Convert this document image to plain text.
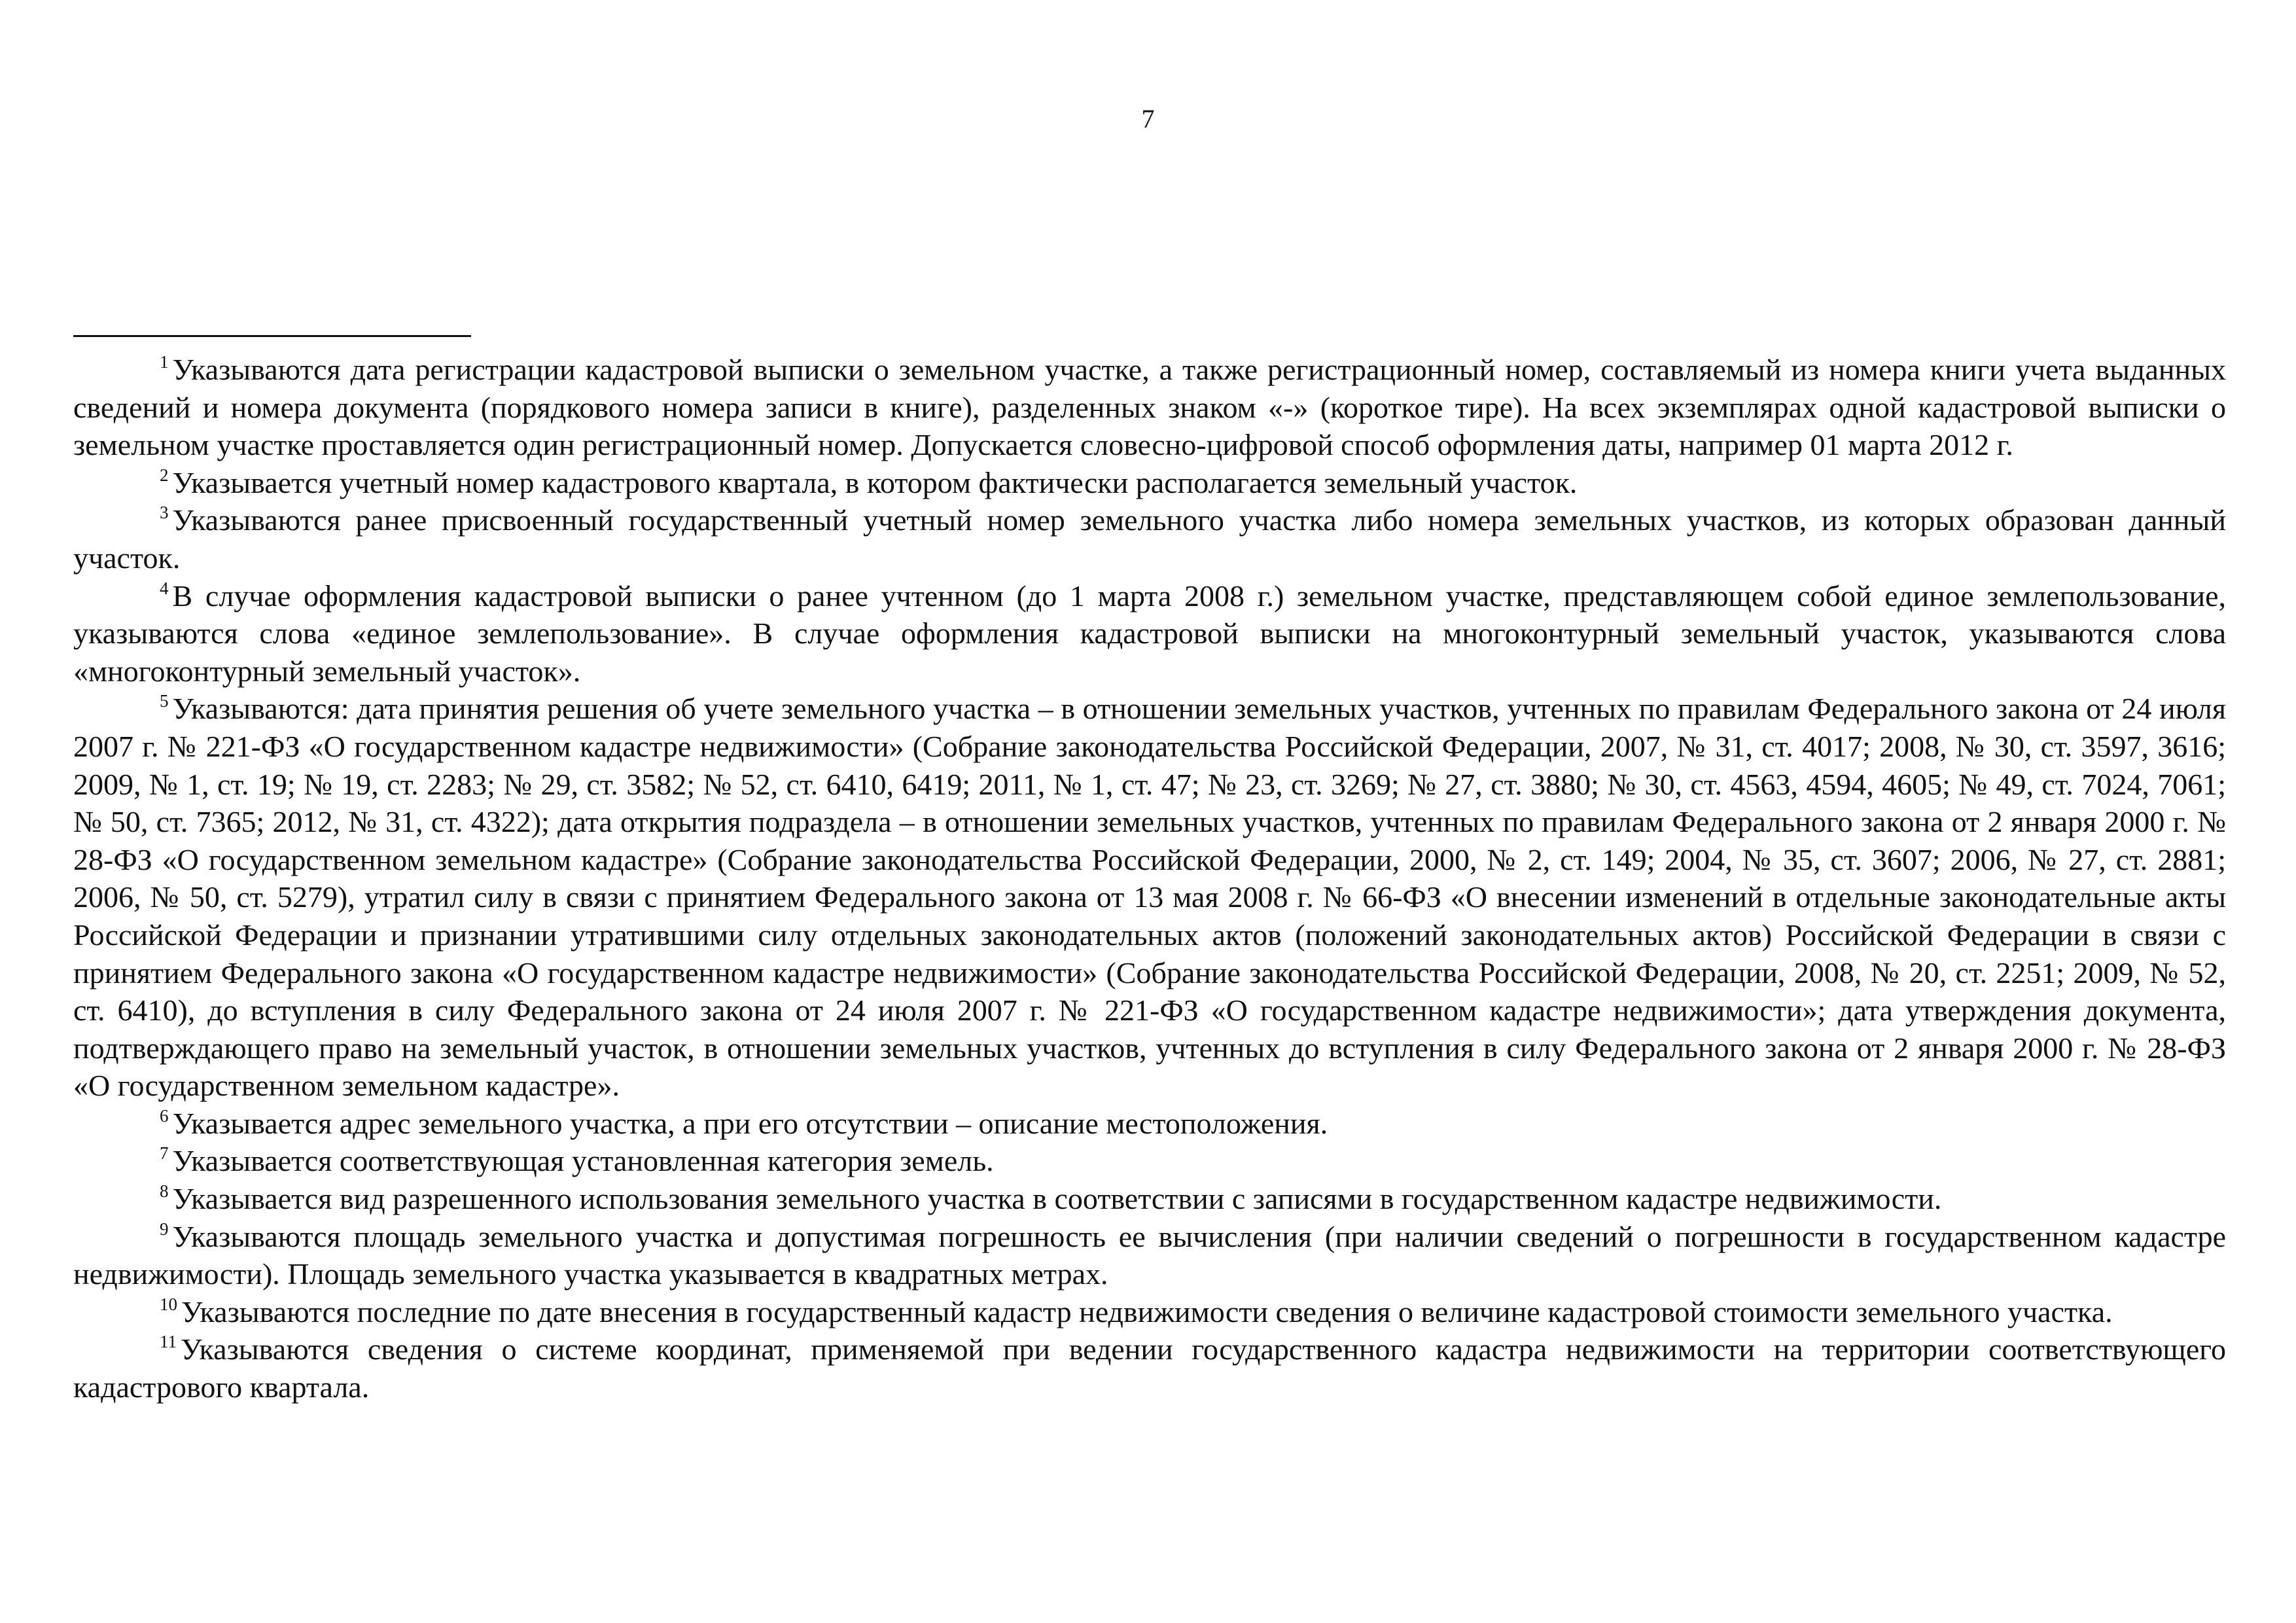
7

$^1$ Указываются дата регистрации кадастровой выписки о земельном участке, а также регистрационный номер, составляемый из номера книги учета выданных сведений и номера документа (порядкового номера записи в книге), разделенных знаком «-» (короткое тире). На всех экземплярах одной кадастровой выписки о земельном участке проставляется один регистрационный номер. Допускается словесно-цифровой способ оформления даты, например 01 марта 2012 г.

$^2$ Указывается учетный номер кадастрового квартала, в котором фактически располагается земельный участок.

$^3$ Указываются ранее присвоенный государственный учетный номер земельного участка либо номера земельных участков, из которых образован данный участок.

$^4$ В случае оформления кадастровой выписки о ранее учтенном (до 1 марта 2008 г.) земельном участке, представляющем собой единое землепользование, указываются слова «единое землепользование». В случае оформления кадастровой выписки на многоконтурный земельный участок, указываются слова «многоконтурный земельный участок».

$^5$ Указываются: дата принятия решения об учете земельного участка – в отношении земельных участков, учтенных по правилам Федерального закона от 24 июля 2007 г. № 221-ФЗ «О государственном кадастре недвижимости» (Собрание законодательства Российской Федерации, 2007, № 31, ст. 4017; 2008, № 30, ст. 3597, 3616; 2009, № 1, ст. 19; № 19, ст. 2283; № 29, ст. 3582; № 52, ст. 6410, 6419; 2011, № 1, ст. 47; № 23, ст. 3269; № 27, ст. 3880; № 30, ст. 4563, 4594, 4605; № 49, ст. 7024, 7061; № 50, ст. 7365; 2012, № 31, ст. 4322); дата открытия подраздела – в отношении земельных участков, учтенных по правилам Федерального закона от 2 января 2000 г. № 28-ФЗ «О государственном земельном кадастре» (Собрание законодательства Российской Федерации, 2000, № 2, ст. 149; 2004, № 35, ст. 3607; 2006, № 27, ст. 2881; 2006, № 50, ст. 5279), утратил силу в связи с принятием Федерального закона от 13 мая 2008 г. № 66-ФЗ «О внесении изменений в отдельные законодательные акты Российской Федерации и признании утратившими силу отдельных законодательных актов (положений законодательных актов) Российской Федерации в связи с принятием Федерального закона «О государственном кадастре недвижимости» (Собрание законодательства Российской Федерации, 2008, № 20, ст. 2251; 2009, № 52, ст. 6410), до вступления в силу Федерального закона от 24 июля 2007 г. № 221-ФЗ «О государственном кадастре недвижимости»; дата утверждения документа, подтверждающего право на земельный участок, в отношении земельных участков, учтенных до вступления в силу Федерального закона от 2 января 2000 г. № 28-ФЗ «О государственном земельном кадастре».

$^6$ Указывается адрес земельного участка, а при его отсутствии – описание местоположения.

$^7$ Указывается соответствующая установленная категория земель.

$^8$ Указывается вид разрешенного использования земельного участка в соответствии с записями в государственном кадастре недвижимости.

$^9$ Указываются площадь земельного участка и допустимая погрешность ее вычисления (при наличии сведений о погрешности в государственном кадастре недвижимости). Площадь земельного участка указывается в квадратных метрах.

$^{10}$ Указываются последние по дате внесения в государственный кадастр недвижимости сведения о величине кадастровой стоимости земельного участка.

$^{11}$ Указываются сведения о системе координат, применяемой при ведении государственного кадастра недвижимости на территории соответствующего кадастрового квартала.
